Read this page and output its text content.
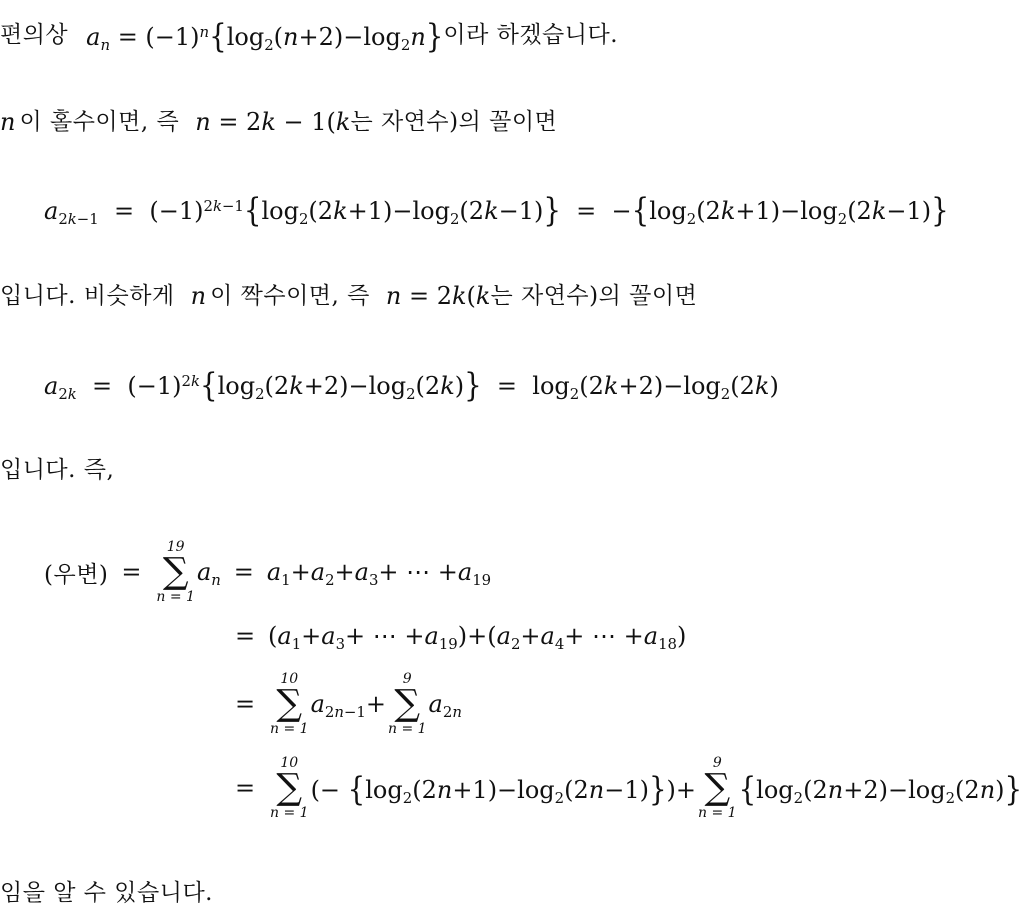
편의상 $a_n = (-1)^n\{\log_2(n+2)-\log_2n\}$ 이라 하겠습니다.
n 이 홀수이면, 즉 n = 2k − 1 (k 는 자연수)의 꼴이면
$a_{2k-1} = (-1)^{2k-1}\{\log_2(2k+1)-\log_2(2k-1)\} = -\{\log_2(2k+1)-\log_2(2k-1)\}$
입니다. 비슷하게 n 이 짝수이면, 즉 n = 2k(k 는 자연수)의 꼴이면
$a_{2k} = (-1)^{2k}\{\log_2(2k+2)-\log_2(2k)\} = \log_2(2k+2)-\log_2(2k)$
입니다. 즉,
(우변) =
19
∑
n = 1
$a_n = a_1+a_2+a_3+$ ⋯ $+a_{19}$
= ($a_1+a_3+$ ⋯ $+a_{19})+(a_2+a_4+$ ⋯ $+a_{18}$)
=
10
∑
n = 1
$a_{2n-1}+$
9
∑
n = 1
$a_{2n}$
=
10
∑
n = 1
(− $\{\log_2(2n+1)-\log_2(2n-1)\})+$
9
∑
n = 1
$\{\log_2(2n+2)-\log_2(2n)\}$
임을 알 수 있습니다.
